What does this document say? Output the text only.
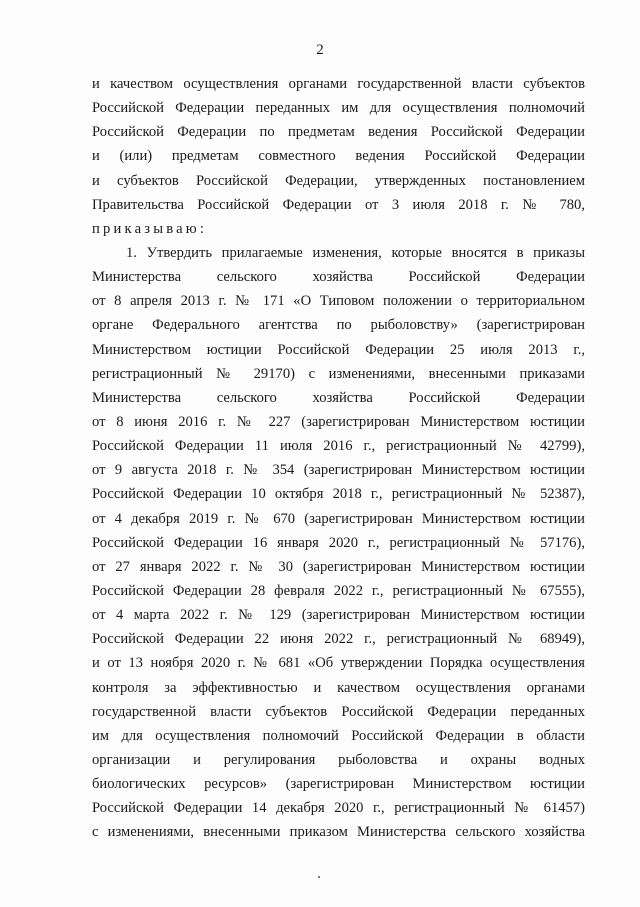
2
и качеством осуществления органами государственной власти субъектов
Российской Федерации переданных им для осуществления полномочий
Российской Федерации по предметам ведения Российской Федерации
и (или) предметам совместного ведения Российской Федерации
и субъектов Российской Федерации, утвержденных постановлением
Правительства Российской Федерации от 3 июля 2018 г. № 780,
приказываю:
1. Утвердить прилагаемые изменения, которые вносятся в приказы
Министерства сельского хозяйства Российской Федерации
от 8 апреля 2013 г. № 171 «О Типовом положении о территориальном
органе Федерального агентства по рыболовству» (зарегистрирован
Министерством юстиции Российской Федерации 25 июля 2013 г.,
регистрационный № 29170) с изменениями, внесенными приказами
Министерства сельского хозяйства Российской Федерации
от 8 июня 2016 г. № 227 (зарегистрирован Министерством юстиции
Российской Федерации 11 июля 2016 г., регистрационный № 42799),
от 9 августа 2018 г. № 354 (зарегистрирован Министерством юстиции
Российской Федерации 10 октября 2018 г., регистрационный № 52387),
от 4 декабря 2019 г. № 670 (зарегистрирован Министерством юстиции
Российской Федерации 16 января 2020 г., регистрационный № 57176),
от 27 января 2022 г. № 30 (зарегистрирован Министерством юстиции
Российской Федерации 28 февраля 2022 г., регистрационный № 67555),
от 4 марта 2022 г. № 129 (зарегистрирован Министерством юстиции
Российской Федерации 22 июня 2022 г., регистрационный № 68949),
и от 13 ноября 2020 г. № 681 «Об утверждении Порядка осуществления
контроля за эффективностью и качеством осуществления органами
государственной власти субъектов Российской Федерации переданных
им для осуществления полномочий Российской Федерации в области
организации и регулирования рыболовства и охраны водных
биологических ресурсов» (зарегистрирован Министерством юстиции
Российской Федерации 14 декабря 2020 г., регистрационный № 61457)
с изменениями, внесенными приказом Министерства сельского хозяйства
